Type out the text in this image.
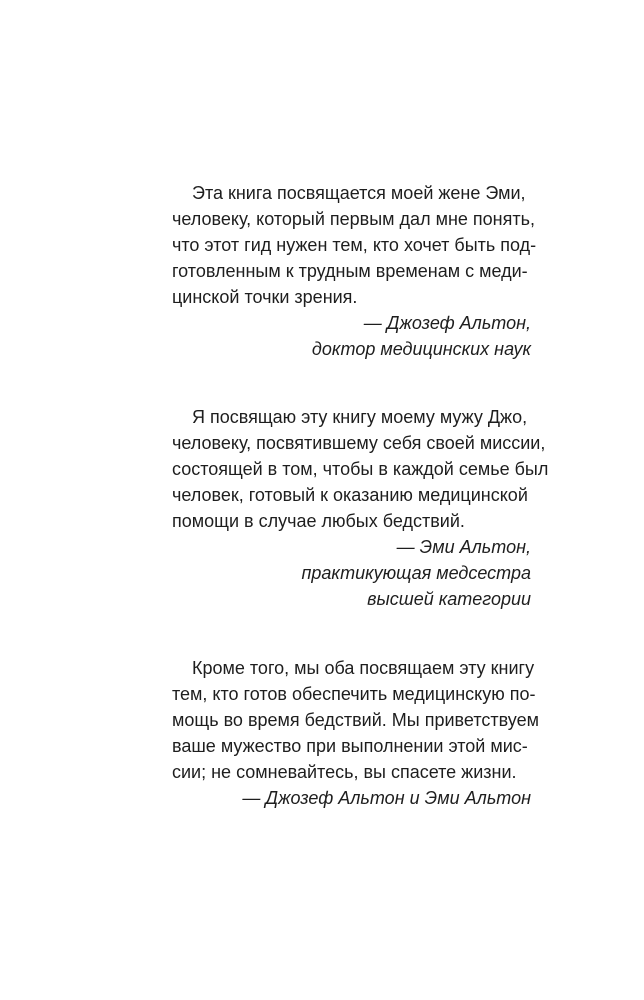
Эта книга посвящается моей жене Эми,
человеку, который первым дал мне понять,
что этот гид нужен тем, кто хочет быть под-
готовленным к трудным временам с меди-
цинской точки зрения.
— Джозеф Альтон,
доктор медицинских наук
Я посвящаю эту книгу моему мужу Джо,
человеку, посвятившему себя своей миссии,
состоящей в том, чтобы в каждой семье был
человек, готовый к оказанию медицинской
помощи в случае любых бедствий.
— Эми Альтон,
практикующая медсестра
высшей категории
Кроме того, мы оба посвящаем эту книгу
тем, кто готов обеспечить медицинскую по-
мощь во время бедствий. Мы приветствуем
ваше мужество при выполнении этой мис-
сии; не сомневайтесь, вы спасете жизни.
— Джозеф Альтон и Эми Альтон
